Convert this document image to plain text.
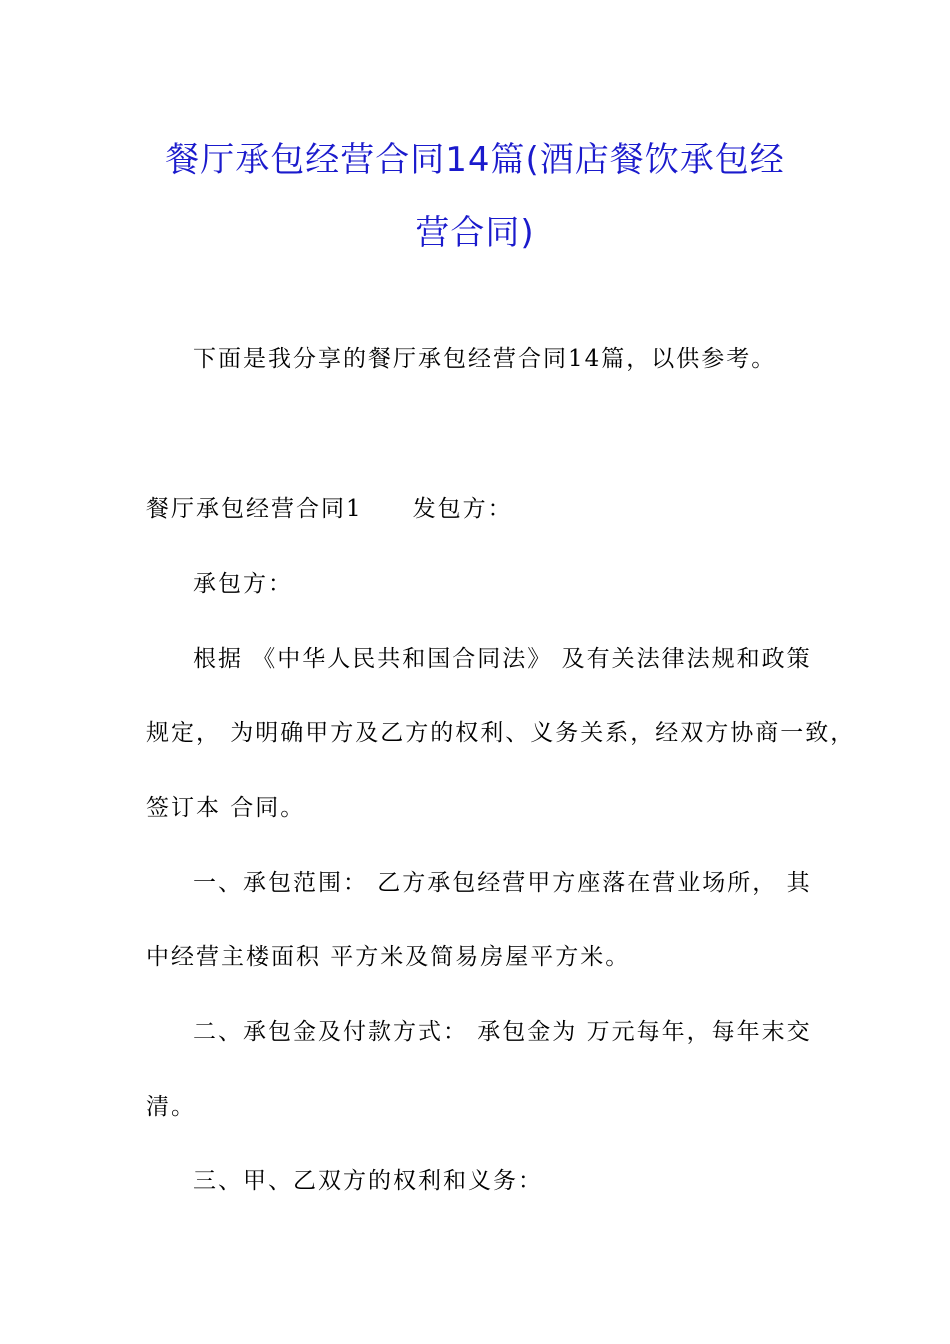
餐厅承包经营合同14篇(酒店餐饮承包经
营合同)
下面是我分享的餐厅承包经营合同14篇，以供参考。
餐厅承包经营合同1 发包方：
承包方：
根据 《中华人民共和国合同法》 及有关法律法规和政策
规定， 为明确甲方及乙方的权利、义务关系，经双方协商一致，
签订本 合同。
一、承包范围： 乙方承包经营甲方座落在营业场所， 其
中经营主楼面积 平方米及简易房屋平方米。
二、承包金及付款方式： 承包金为 万元每年，每年末交
清。
三、甲、乙双方的权利和义务：
